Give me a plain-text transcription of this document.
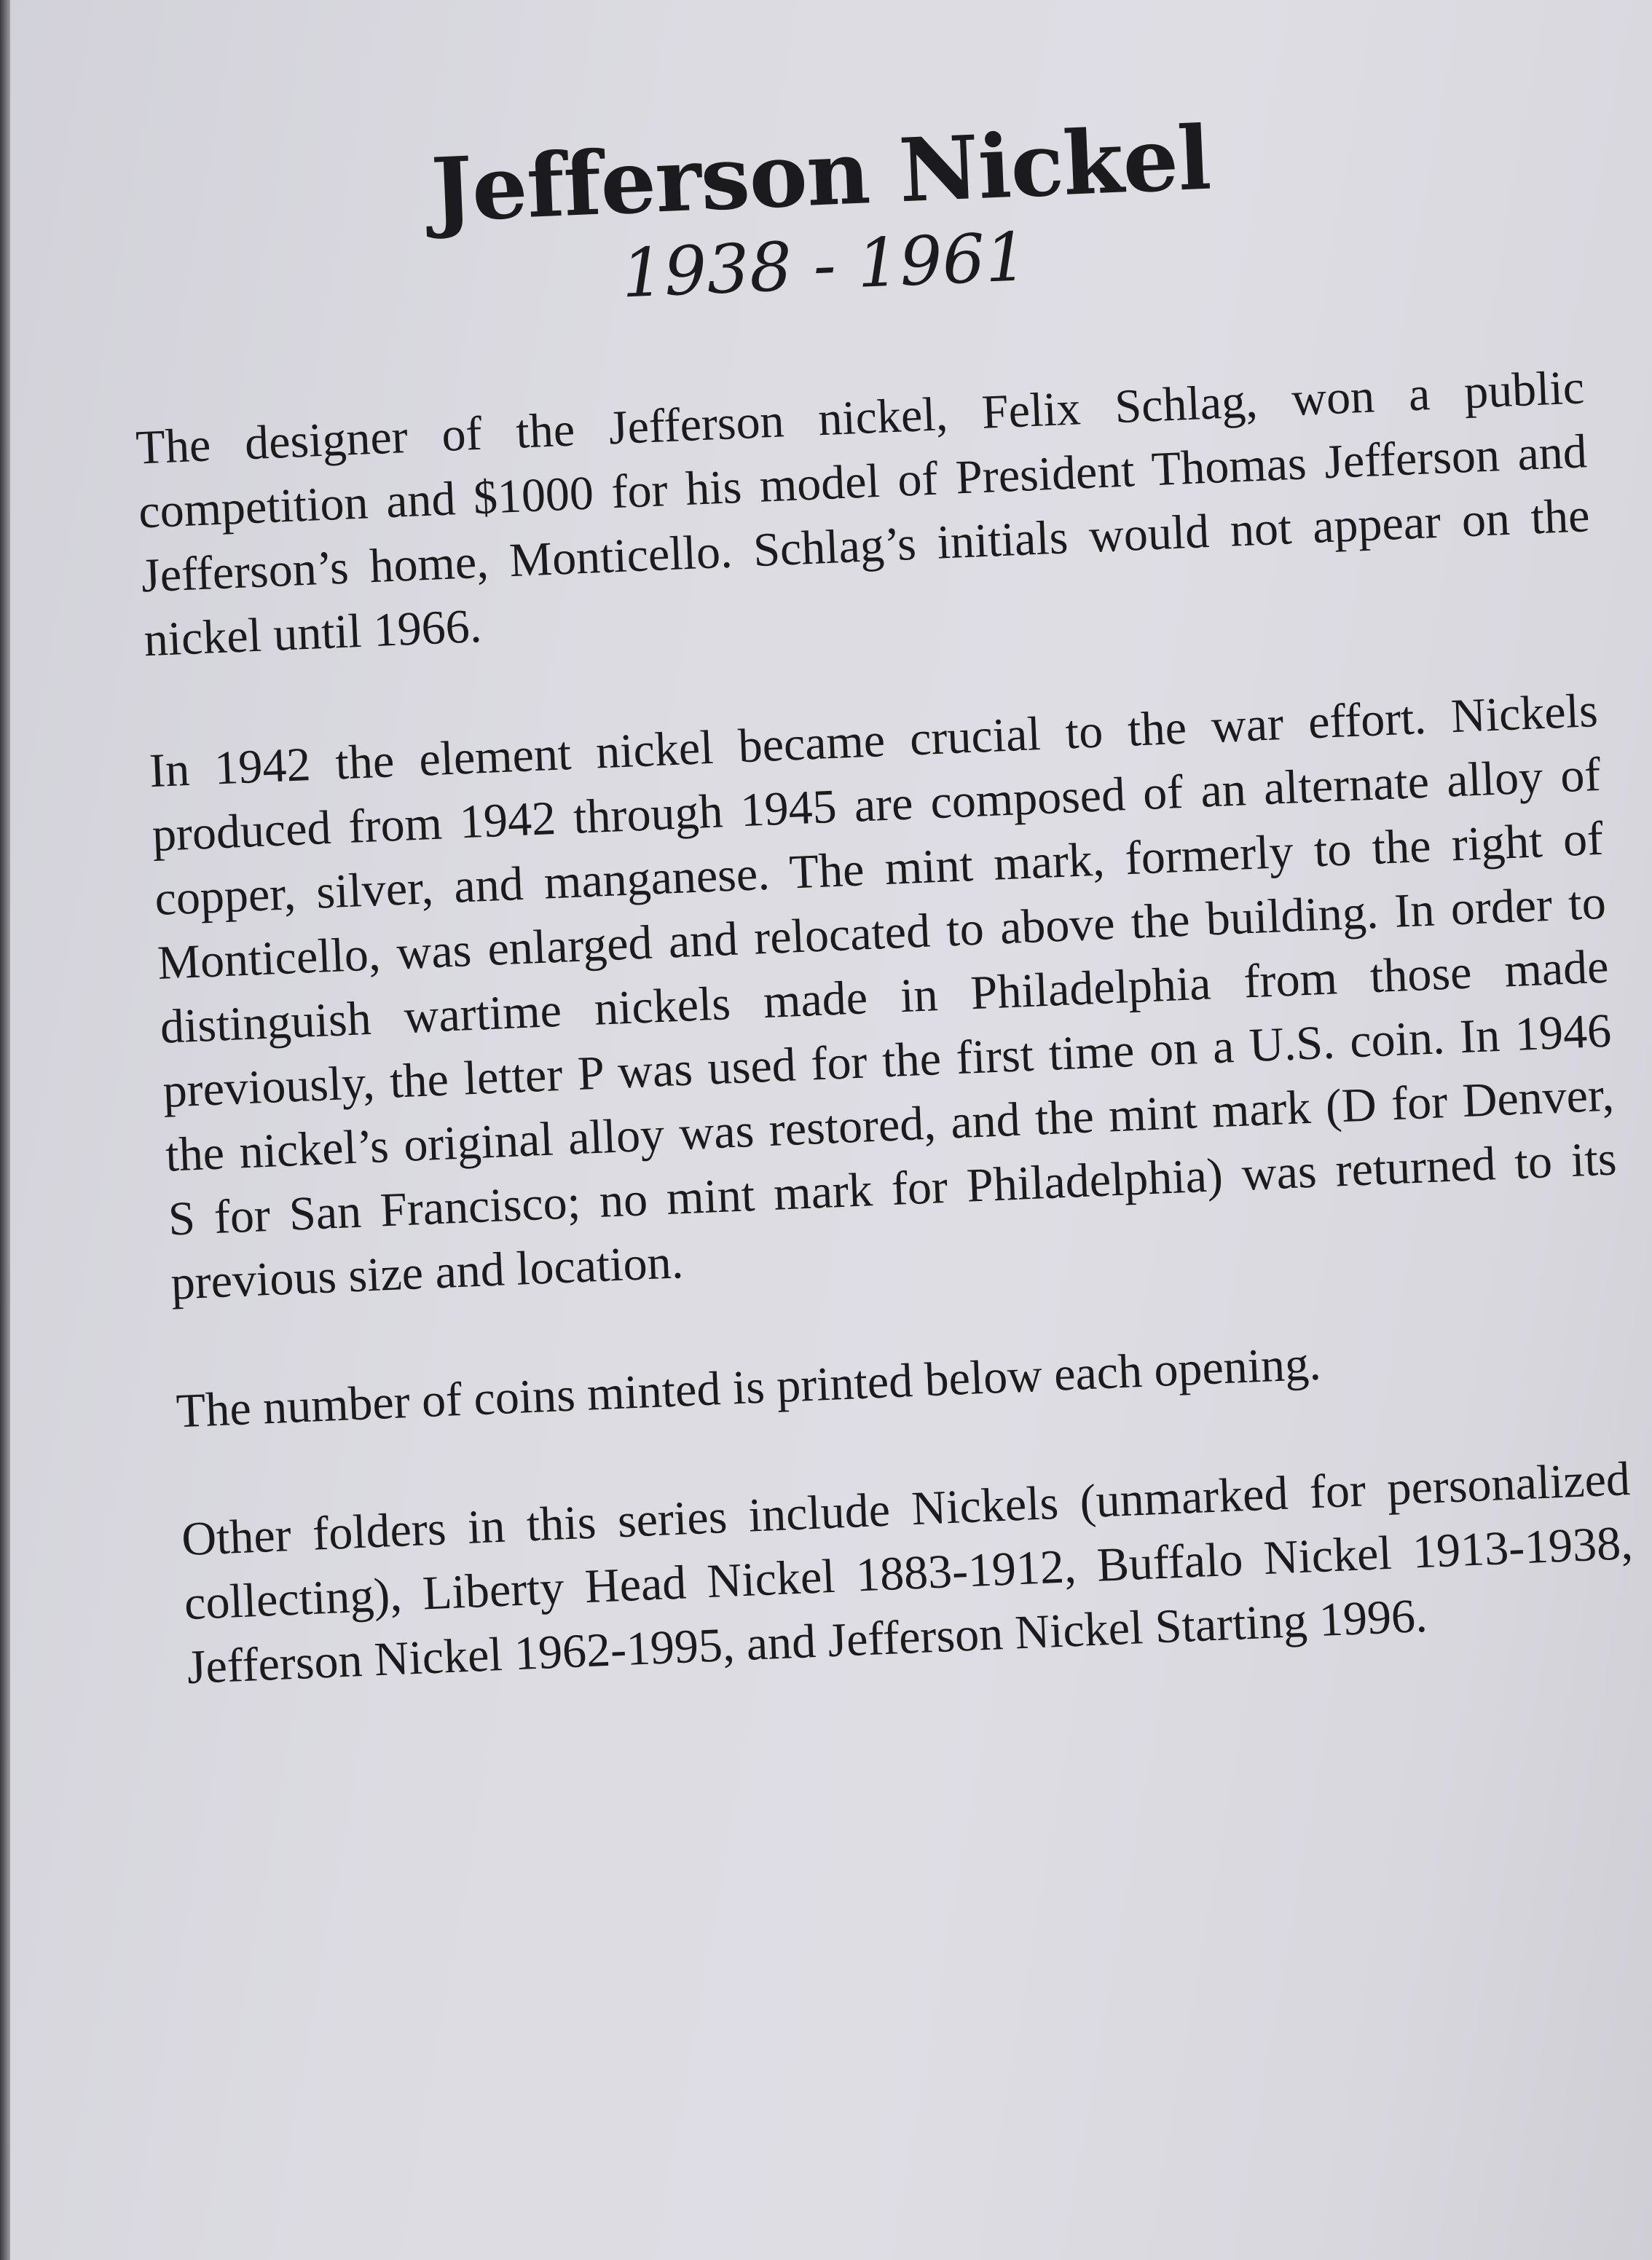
Jefferson Nickel
1938 - 1961

The designer of the Jefferson nickel, Felix Schlag, won a public competition and $1000 for his model of President Thomas Jefferson and Jefferson’s home, Monticello. Schlag’s initials would not appear on the nickel until 1966.

In 1942 the element nickel became crucial to the war effort. Nickels produced from 1942 through 1945 are composed of an alternate alloy of copper, silver, and manganese. The mint mark, formerly to the right of Monticello, was enlarged and relocated to above the building. In order to distinguish wartime nickels made in Philadelphia from those made previously, the letter P was used for the first time on a U.S. coin. In 1946 the nickel’s original alloy was restored, and the mint mark (D for Denver, S for San Francisco; no mint mark for Philadelphia) was returned to its previous size and location.

The number of coins minted is printed below each opening.

Other folders in this series include Nickels (unmarked for personalized collecting), Liberty Head Nickel 1883-1912, Buffalo Nickel 1913-1938, Jefferson Nickel 1962-1995, and Jefferson Nickel Starting 1996.
